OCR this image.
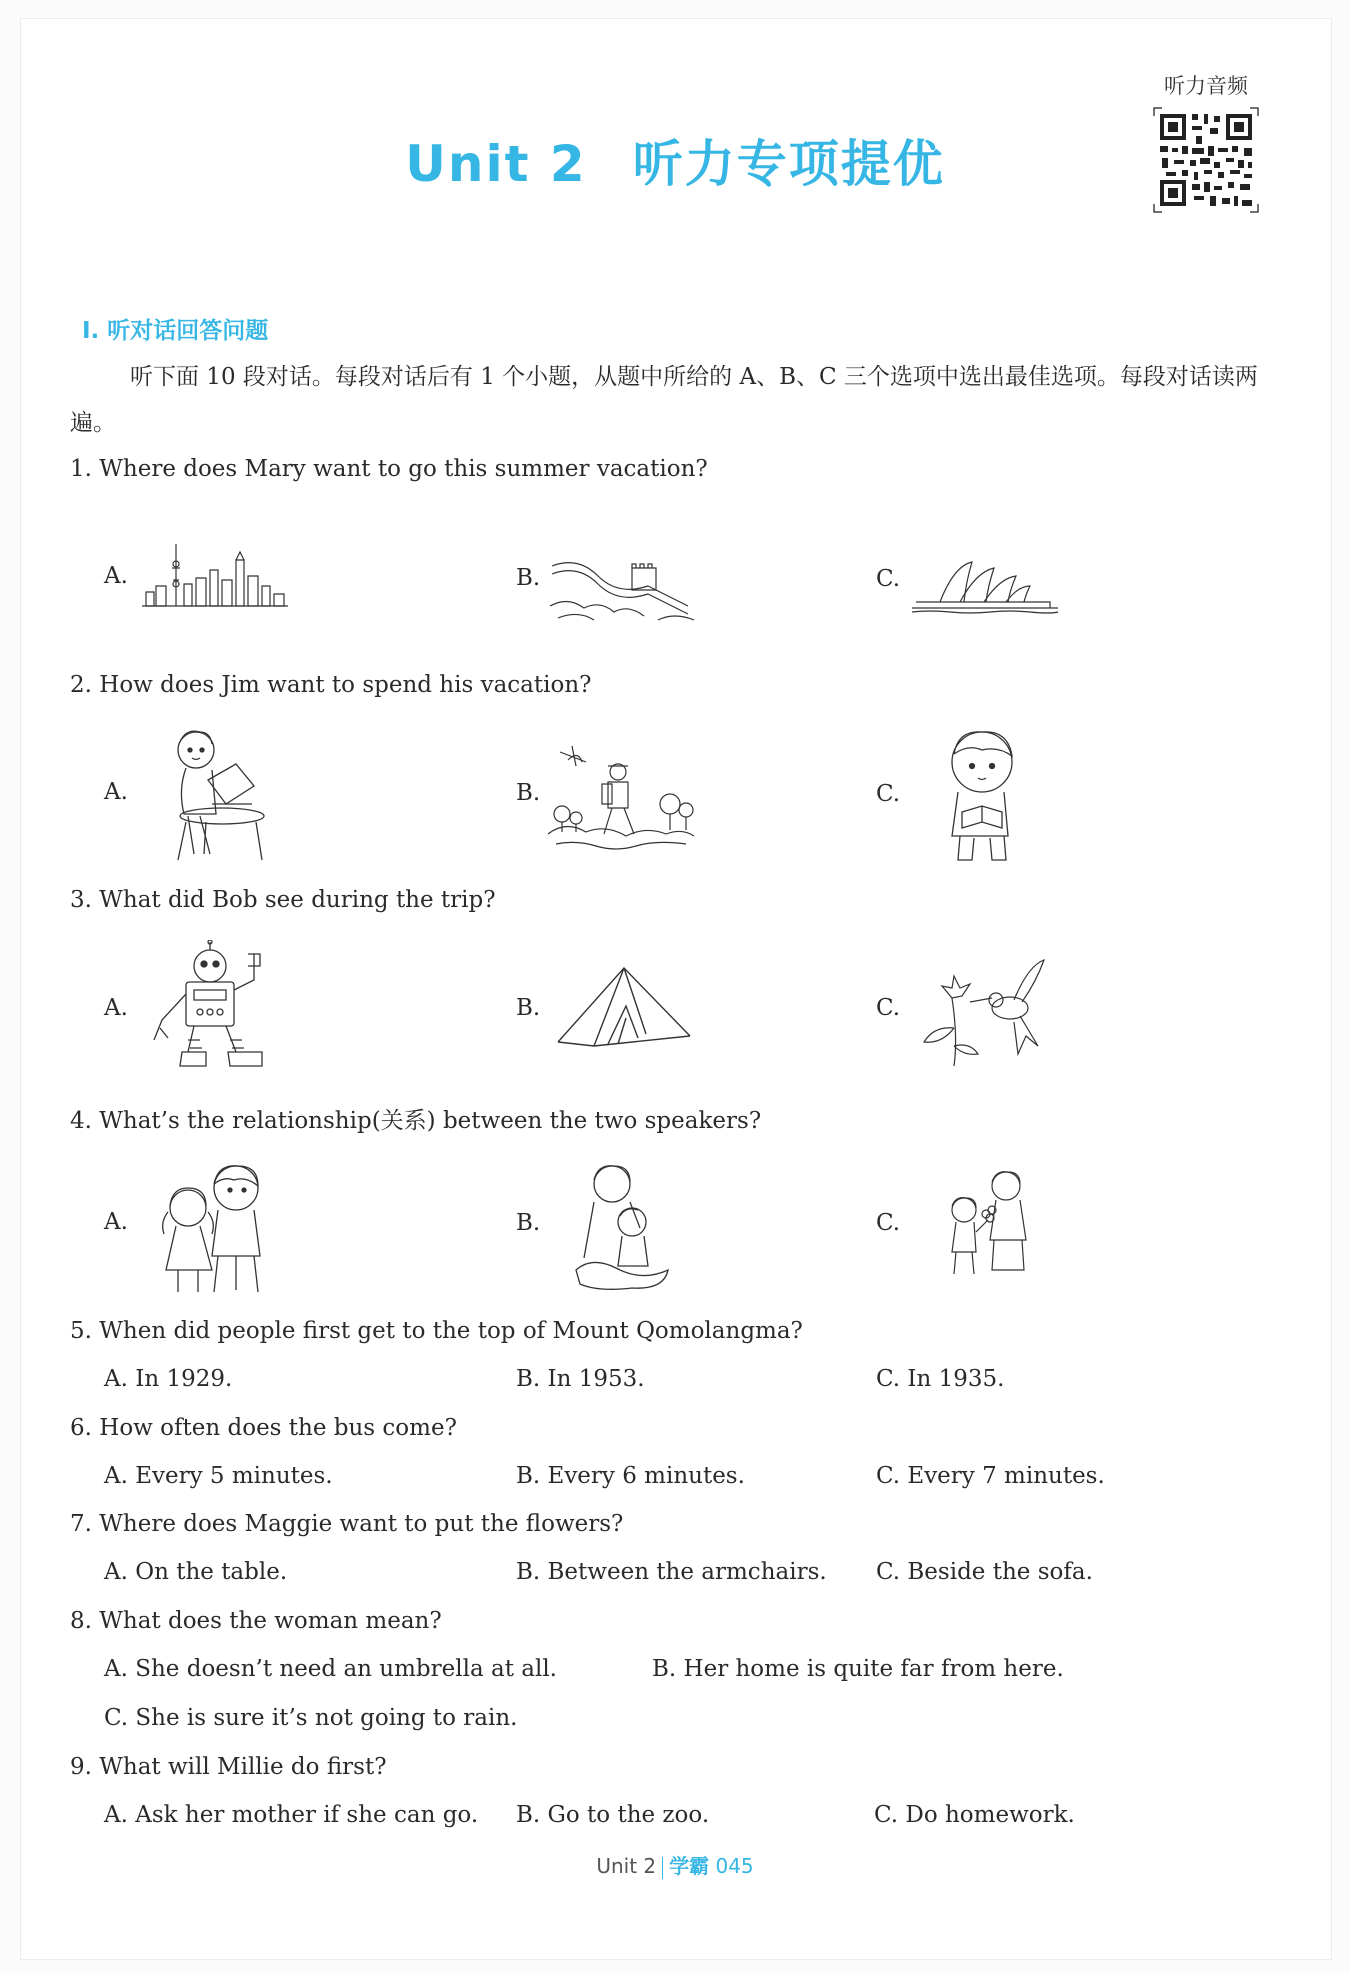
Unit 2 听力专项提优
听力音频
Ⅰ. 听对话回答问题
听下面 10 段对话。每段对话后有 1 个小题，从题中所给的 A、B、C 三个选项中选出最佳选项。每段对话读两遍。
1. Where does Mary want to go this summer vacation?
A.	B.	C.
2. How does Jim want to spend his vacation?
A.	B.	C.
3. What did Bob see during the trip?
A.	B.	C.
4. What’s the relationship(关系) between the two speakers?
A.	B.	C.
5. When did people first get to the top of Mount Qomolangma?
A. In 1929.	B. In 1953.	C. In 1935.
6. How often does the bus come?
A. Every 5 minutes.	B. Every 6 minutes.	C. Every 7 minutes.
7. Where does Maggie want to put the flowers?
A. On the table.	B. Between the armchairs. C. Beside the sofa.
8. What does the woman mean?
A. She doesn’t need an umbrella at all.	B. Her home is quite far from here.
C. She is sure it’s not going to rain.
9. What will Millie do first?
A. Ask her mother if she can go. B. Go to the zoo.	C. Do homework.
Unit 2 学霸 045
